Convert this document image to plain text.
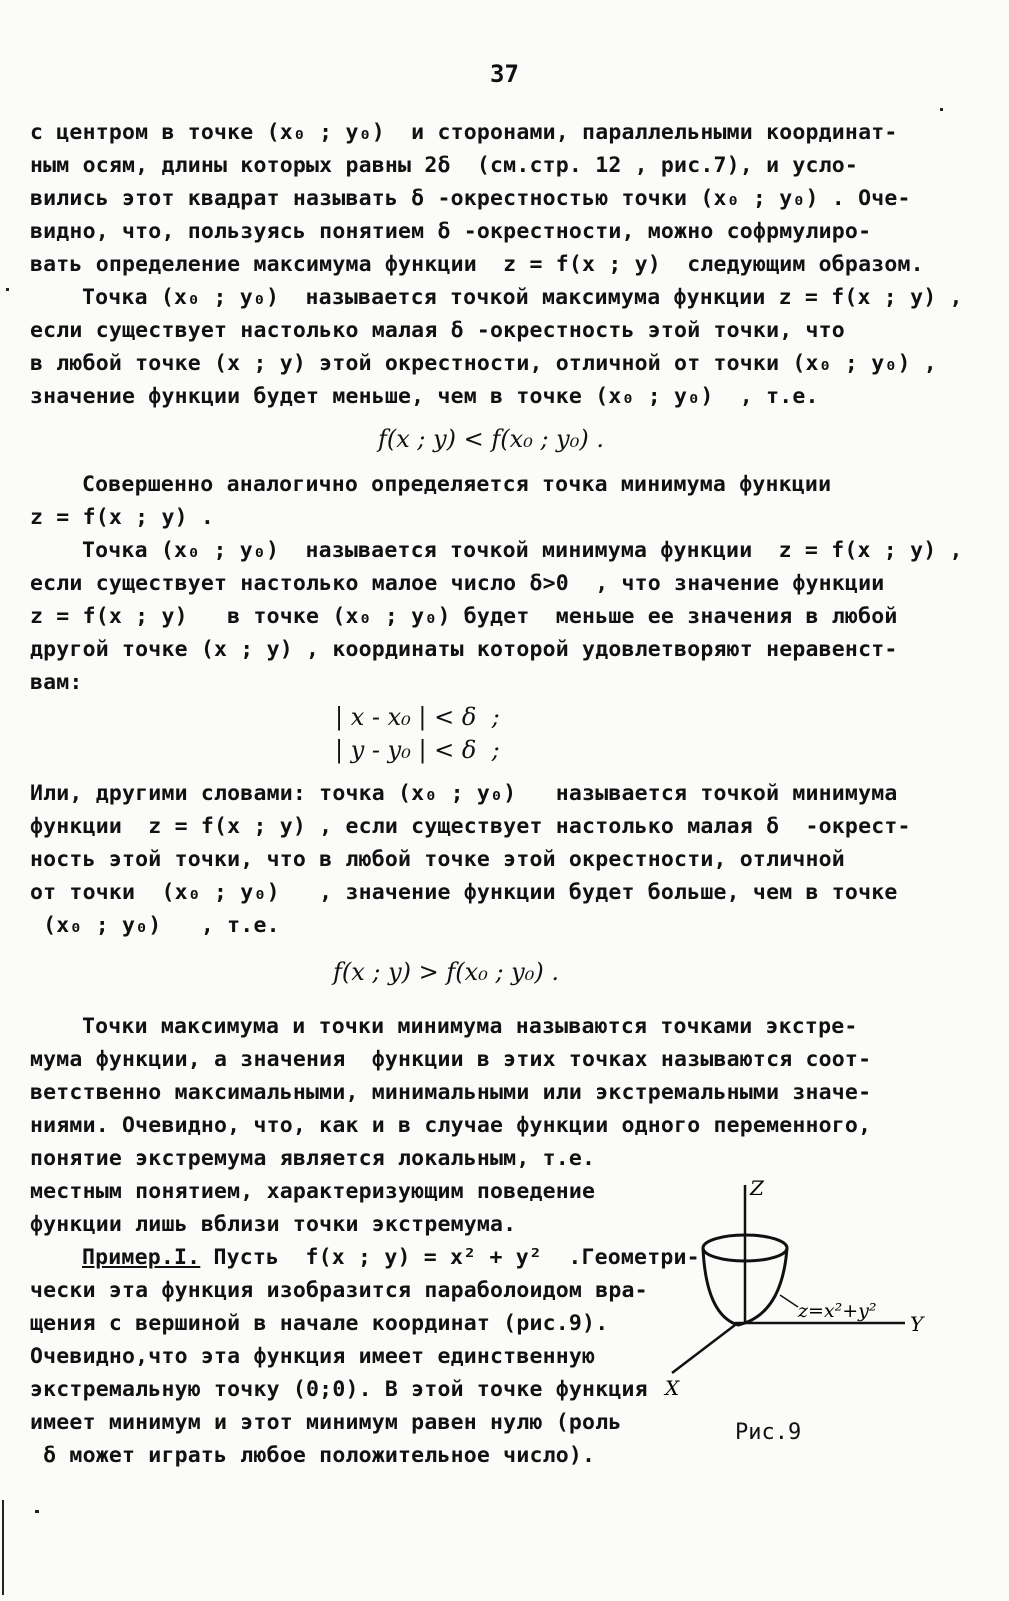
37
с центром в точке (x₀ ; y₀)  и сторонами, параллельными координат-
ным осям, длины которых равны 2δ  (см.стр. 12 , рис.7), и усло-
вились этот квадрат называть δ -окрестностью точки (x₀ ; y₀) . Оче-
видно, что, пользуясь понятием δ -окрестности, можно софрмулиро-
вать определение максимума функции  z = f(x ; y)  следующим образом.
Точка (x₀ ; y₀)  называется точкой максимума функции z = f(x ; y) ,
если существует настолько малая δ -окрестность этой точки, что
в любой точке (x ; y) этой окрестности, отличной от точки (x₀ ; y₀) ,
значение функции будет меньше, чем в точке (x₀ ; y₀)  , т.е.
f(x ; y) < f(x₀ ; y₀) .
Совершенно аналогично определяется точка минимума функции
z = f(x ; y) .
Точка (x₀ ; y₀)  называется точкой минимума функции  z = f(x ; y) ,
если существует настолько малое число δ>0  , что значение функции
z = f(x ; y)   в точке (x₀ ; y₀) будет  меньше ее значения в любой
другой точке (x ; y) , координаты которой удовлетворяют неравенст-
вам:
| x - x₀ | < δ  ;
| y - y₀ | < δ  ;
Или, другими словами: точка (x₀ ; y₀)   называется точкой минимума
функции  z = f(x ; y) , если существует настолько малая δ  -окрест-
ность этой точки, что в любой точке этой окрестности, отличной
от точки  (x₀ ; y₀)   , значение функции будет больше, чем в точке
(x₀ ; y₀)   , т.е.
f(x ; y) > f(x₀ ; y₀) .
Точки максимума и точки минимума называются точками экстре-
мума функции, а значения  функции в этих точках называются соот-
ветственно максимальными, минимальными или экстремальными значе-
ниями. Очевидно, что, как и в случае функции одного переменного,
понятие экстремума является локальным, т.е.
местным понятием, характеризующим поведение
функции лишь вблизи точки экстремума.
Пример.I. Пусть  f(x ; y) = x² + y²  .Геометри-
чески эта функция изобразится параболоидом вра-
щения с вершиной в начале координат (рис.9).
Очевидно,что эта функция имеет единственную
экстремальную точку (0;0). В этой точке функция
имеет минимум и этот минимум равен нулю (роль
δ может играть любое положительное число).
Z
Y
X
z=x²+y²
Рис.9
